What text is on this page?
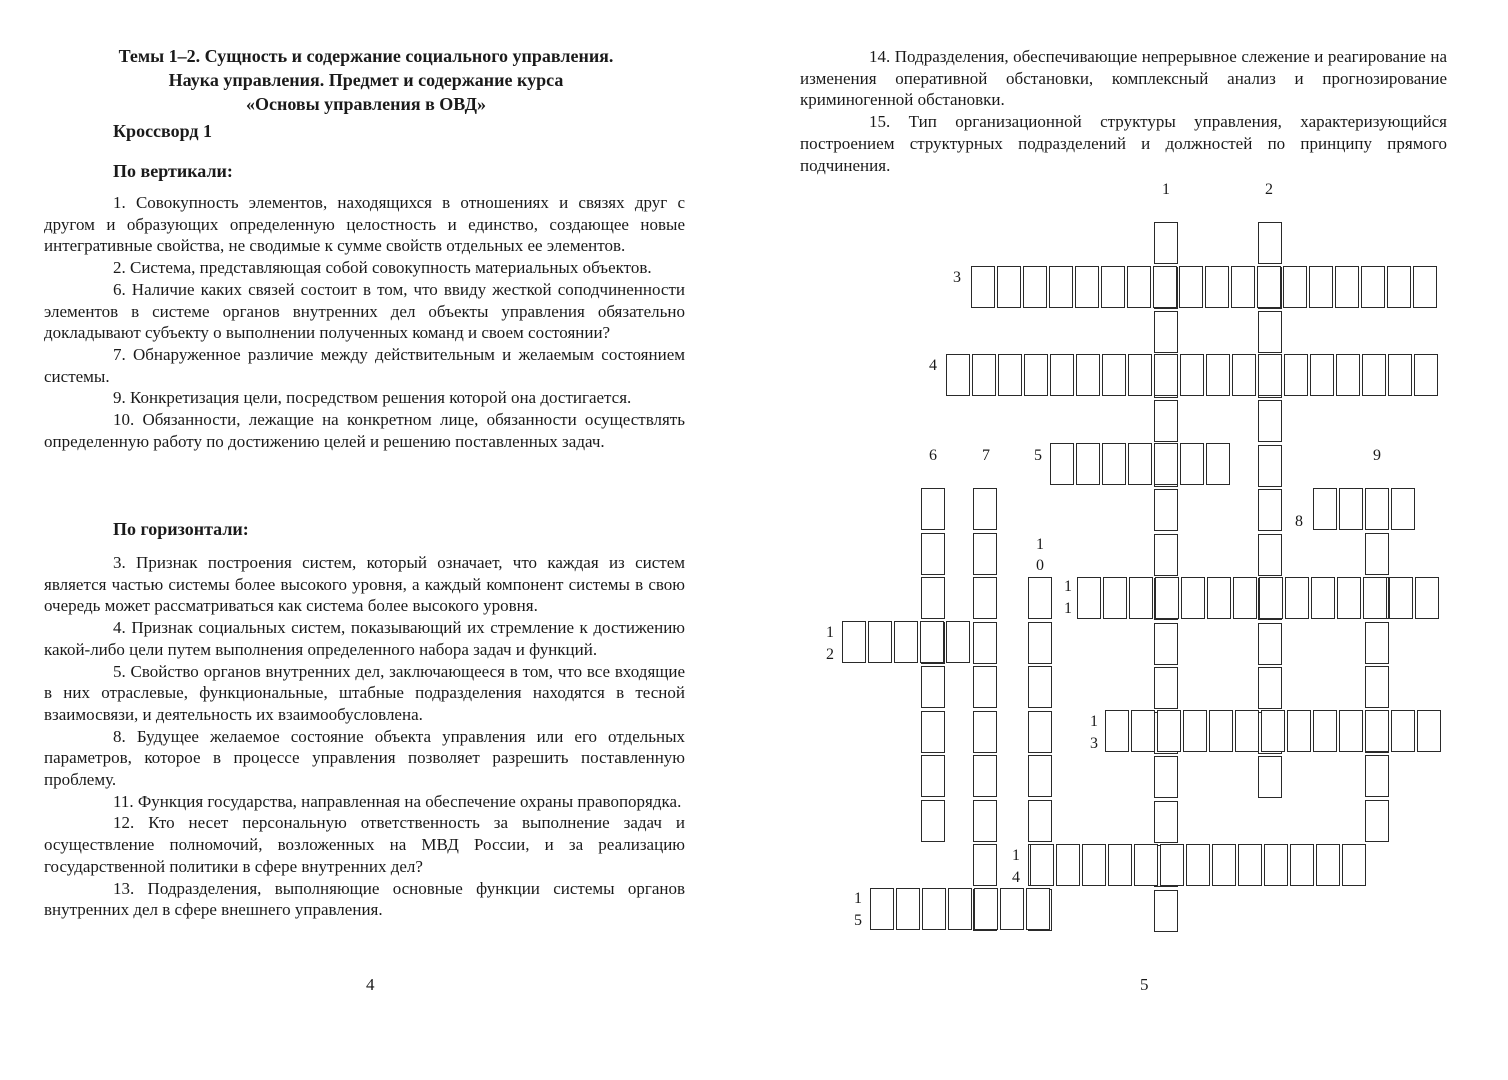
Темы 1–2. Сущность и содержание социального управления.
Наука управления. Предмет и содержание курса
«Основы управления в ОВД»
Кроссворд 1
По вертикали:

1. Совокупность элементов, находящихся в отношениях и связях друг с другом и образующих определенную целостность и единство, создающее новые интегративные свойства, не сводимые к сумме свойств отдельных ее элементов.

2. Система, представляющая собой совокупность материальных объектов.

6. Наличие каких связей состоит в том, что ввиду жесткой соподчиненности элементов в системе органов внутренних дел объекты управления обязательно докладывают субъекту о выполнении полученных команд и своем состоянии?

7. Обнаруженное различие между действительным и желаемым состоянием системы.

9. Конкретизация цели, посредством решения которой она достигается.

10. Обязанности, лежащие на конкретном лице, обязанности осуществлять определенную работу по достижению целей и решению поставленных задач.

По горизонтали:

3. Признак построения систем, который означает, что каждая из систем является частью системы более высокого уровня, а каждый компонент системы в свою очередь может рассматриваться как система более высокого уровня.

4. Признак социальных систем, показывающий их стремление к достижению какой-либо цели путем выполнения определенного набора задач и функций.

5. Свойство органов внутренних дел, заключающееся в том, что все входящие в них отраслевые, функциональные, штабные подразделения находятся в тесной взаимосвязи, и деятельность их взаимообусловлена.

8. Будущее желаемое состояние объекта управления или его отдельных параметров, которое в процессе управления позволяет разрешить поставленную проблему.

11. Функция государства, направленная на обеспечение охраны правопорядка.

12. Кто несет персональную ответственность за выполнение задач и осуществление полномочий, возложенных на МВД России, и за реализацию государственной политики в сфере внутренних дел?

13. Подразделения, выполняющие основные функции системы органов внутренних дел в сфере внешнего управления.

4

14. Подразделения, обеспечивающие непрерывное слежение и реагирование на изменения оперативной обстановки, комплексный анализ и прогнозирование криминогенной обстановки.

15. Тип организационной структуры управления, характеризующийся построением структурных подразделений и должностей по принципу прямого подчинения.

5
1	2
3
4
6	7	5	9
8
1
0
1
1
1
2
1
3
1
4
1
5
